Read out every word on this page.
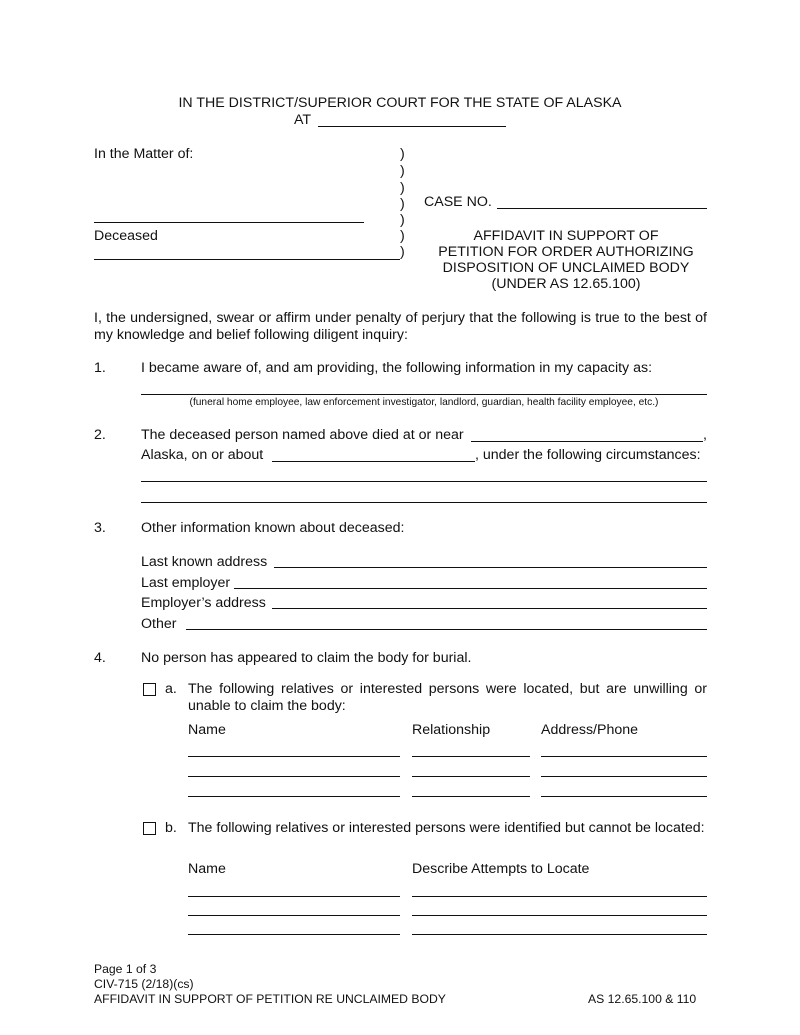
IN THE DISTRICT/SUPERIOR COURT FOR THE STATE OF ALASKA
AT
In the Matter of:
Deceased
)
)
)
)
)
)
)
CASE NO.
AFFIDAVIT IN SUPPORT OF
PETITION FOR ORDER AUTHORIZING
DISPOSITION OF UNCLAIMED BODY
(UNDER AS 12.65.100)
I, the undersigned, swear or affirm under penalty of perjury that the following is true to the best of my knowledge and belief following diligent inquiry:
1. I became aware of, and am providing, the following information in my capacity as:
(funeral home employee, law enforcement investigator, landlord, guardian, health facility employee, etc.)
2. The deceased person named above died at or near	,
Alaska, on or about	, under the following circumstances:
3. Other information known about deceased:
Last known address
Last employer
Employer’s address
Other
4. No person has appeared to claim the body for burial.
a. The following relatives or interested persons were located, but are unwilling or unable to claim the body:
Name	Relationship	Address/Phone
b. The following relatives or interested persons were identified but cannot be located:
Name	Describe Attempts to Locate
Page 1 of 3
CIV-715 (2/18)(cs)
AFFIDAVIT IN SUPPORT OF PETITION RE UNCLAIMED BODY	AS 12.65.100 & 110
